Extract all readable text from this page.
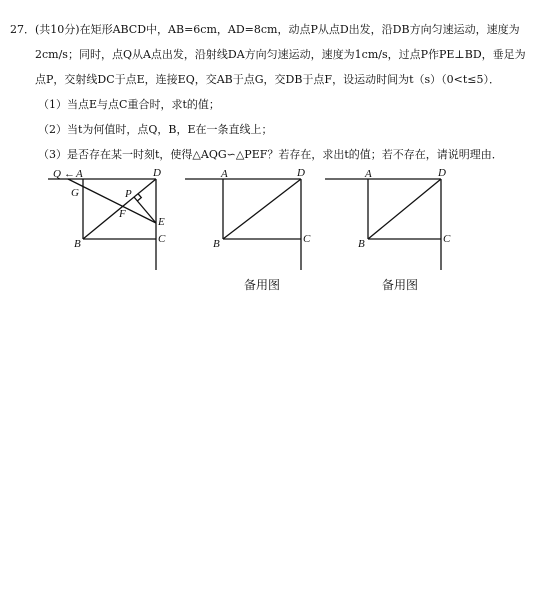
27．(共10分)在矩形ABCD中，AB=6cm，AD=8cm，动点P从点D出发，沿DB方向匀速运动，速度为
2cm/s；同时，点Q从A点出发，沿射线DA方向匀速运动，速度为1cm/s，过点P作PE⊥BD，垂足为
点P，交射线DC于点E，连接EQ，交AB于点G，交DB于点F，设运动时间为t（s）（0<t≤5）．
（1）当点E与点C重合时，求t的值；
（2）当t为何值时，点Q，B，E在一条直线上；
（3）是否存在某一时刻t，使得△AQG∽△PEF？若存在，求出t的值；若不存在，请说明理由．
Q ← A	D
G	P
F
E
B	C
A	D
B	C
备用图
A	D
B	C
备用图
